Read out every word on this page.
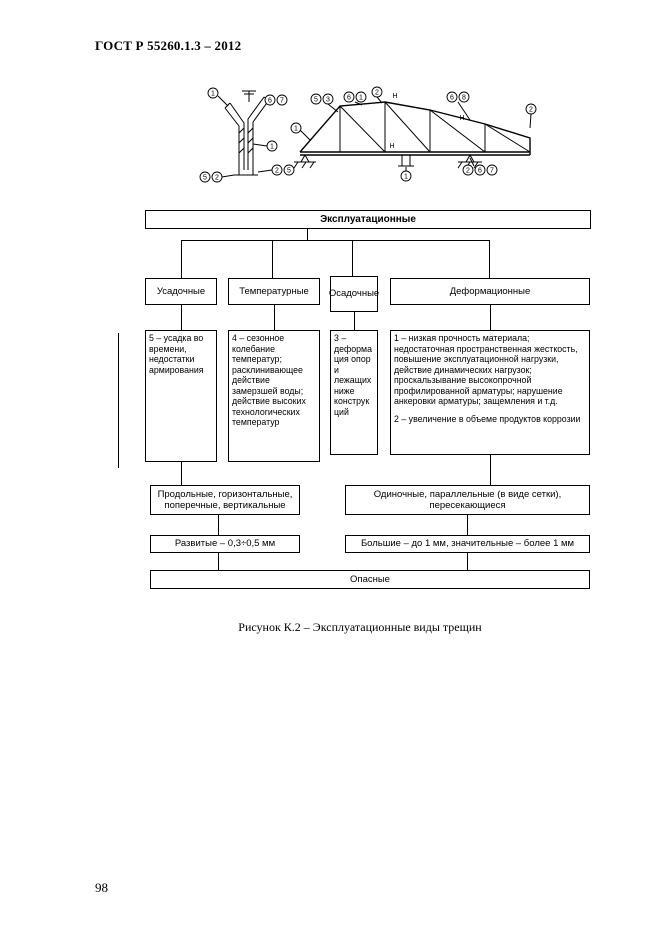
ГОСТ Р 55260.1.3 – 2012
1
6 7
1
2 5
5 2
Н
Н
Н
5 3 6 1
2
6 8
2
1
1
2 6 7
Эксплуатационные
Усадочные	Температурные	Осадочные	Деформационные
5 – усадка во времени, недостатки армирования
4 – сезонное колебание температур; расклинивающее действие замерзшей воды; действие высоких технологических температур
3 – деформация опор и лежащих ниже конструкций
1 – низкая прочность материала; недостаточная пространственная жесткость, повышение эксплуатационной нагрузки, действие динамических нагрузок; проскальзывание высокопрочной профилированной арматуры; нарушение анкеровки арматуры; защемления и т.д.
2 – увеличение в объеме продуктов коррозии
Продольные, горизонтальные, поперечные, вертикальные
Одиночные, параллельные (в виде сетки), пересекающиеся
Развитые – 0,3÷0,5 мм	Большие – до 1 мм, значительные – более 1 мм
Опасные
Рисунок К.2 – Эксплуатационные виды трещин
98
